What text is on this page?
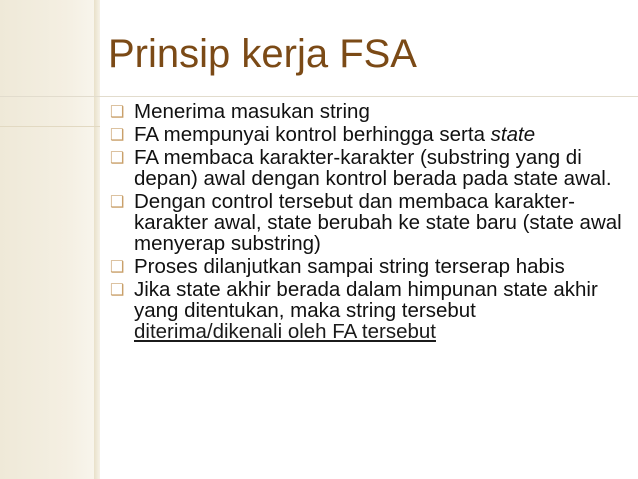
Prinsip kerja FSA
❑ Menerima masukan string
❑ FA mempunyai kontrol berhingga serta state
❑ FA membaca karakter-karakter (substring yang di depan) awal dengan kontrol berada pada state awal.
❑ Dengan control tersebut dan membaca karakter-karakter awal, state berubah ke state baru (state awal menyerap substring)
❑ Proses dilanjutkan sampai string terserap habis
❑ Jika state akhir berada dalam himpunan state akhir yang ditentukan, maka string tersebut diterima/dikenali oleh FA tersebut
